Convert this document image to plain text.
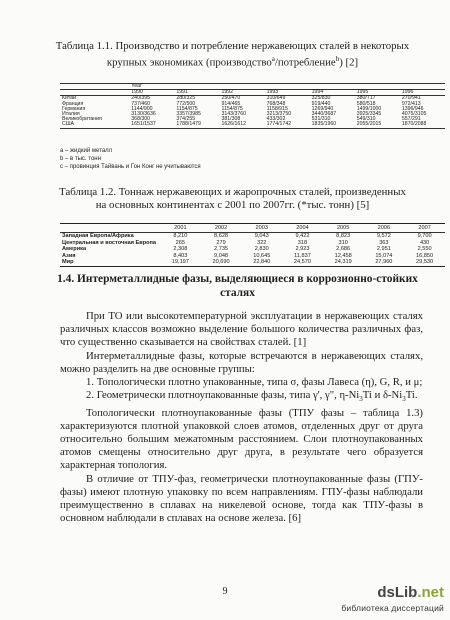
Таблица 1.1. Производство и потребление нержавеющих сталей в некоторых
крупных экономиках (производство$^a$/потребление$^b$) [2]
	Year						
	1990	1991	1992	1993	1994	1995	1996
Китай	240/395	2d0/325	250/470	310/649	325/830	380/717	270/941
Франция	737/460	772/500	914/465	768/348	919/440	580/518	972/413
Германия	1144/900	1154/875	1154/875	1158/915	1269/940	1499/1000	1396/946
Италия	3130/3636	3357/3985	3143/3760	3213/3750	3440/3687	3925/3345	4075/3105
Великобритания	368/300	374/255	381/308	433/302	531/310	549/310	557/291
США	1651/1537	1788/1479	1626/1612	1774/1742	1835/1960	2055/2015	1870/2088
a – жидкий металл
b – в тыс. тонн
c – провинция Тайвань и Гон Конг не учитываются
Таблица 1.2. Тоннаж нержавеющих и жаропрочных сталей, произведенных
на основных континентах с 2001 по 2007гг. (*тыс. тонн) [5]
	2001	2002	2003	2004	2005	2006	2007
Западная Европа/Африка	8,210	8,628	9,043	9,422	8,823	9,572	9,700
Центральная и восточная Европа	265	279	322	318	310	363	430
Америка	2,308	2,735	2,830	2,923	2,686	2,951	2,550
Азия	8,403	9,048	10,645	11,837	12,458	15,074	16,850
Мир	19,197	20,690	22,840	24,570	24,319	27,960	29,530
1.4. Интерметаллидные фазы, выделяющиеся в коррозионно-стойких
сталях
При ТО или высокотемпературной эксплуатации в нержавеющих сталях различных классов возможно выделение большого количества различных фаз, что существенно сказывается на свойствах сталей. [1]
Интерметаллидные фазы, которые встречаются в нержавеющих сталях, можно разделить на две основные группы:
1. Топологически плотно упакованные, типа σ, фазы Лавеса (η), G, R, и μ;
2. Геометрически плотноупакованные фазы, типа γ', γ", $\eta-Ni_3Ti$ и $\delta-Ni_3Ti$.
Топологически плотноупакованные фазы (ТПУ фазы – таблица 1.3) характеризуются плотной упаковкой слоев атомов, отделенных друг от друга относительно большим межатомным расстоянием. Слои плотноупакованных атомов смещены относительно друг друга, в результате чего образуется характерная топология.
В отличие от ТПУ-фаз, геометрически плотноупакованные фазы (ГПУ-фазы) имеют плотную упаковку по всем направлениям. ГПУ-фазы наблюдали преимущественно в сплавах на никелевой основе, тогда как ТПУ-фазы в основном наблюдали в сплавах на основе железа. [6]
9	dsLib.net
библиотека диссертаций
